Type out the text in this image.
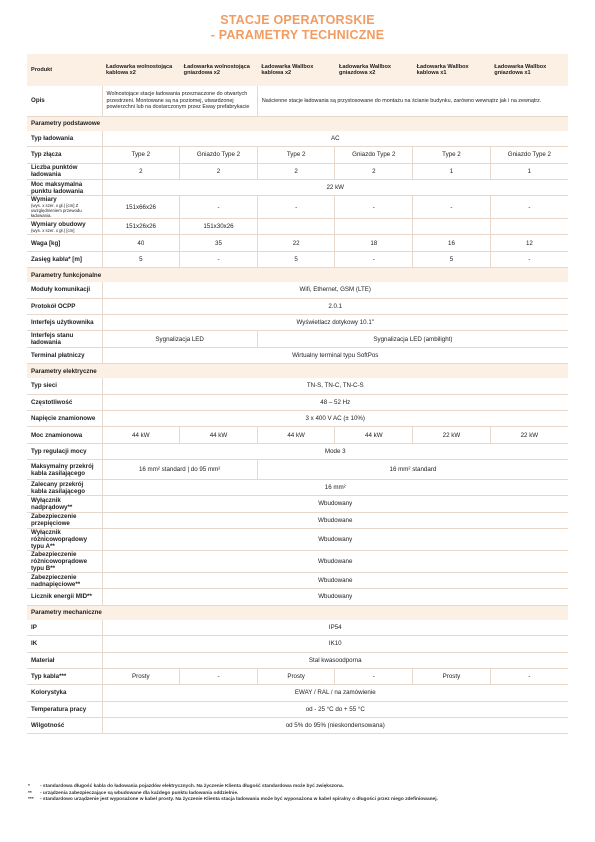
STACJE OPERATORSKIE
- PARAMETRY TECHNICZNE
Produkt	Ładowarka wolnostojąca kablowa x2	Ładowarka wolnostojąca gniazdowa x2	Ładowarka Wallbox kablowa x2	Ładowarka Wallbox gniazdowa x2	Ładowarka Wallbox kablowa x1	Ładowarka Wallbox gniazdowa x1
Opis	Wolnostojące stacje ładowania przeznaczone do otwartych przestrzeni. Montowane są na poziomej, utwardzonej powierzchni lub na dostarczonym przez Eway prefabrykacie		Naścienne stacje ładowania są przystosowane do montażu na ścianie budynku, zarówno wewnątrz jak i na zewnątrz.			
Parametry podstawowe						
Typ ładowania	AC					
Typ złącza	Type 2	Gniazdo Type 2	Type 2	Gniazdo Type 2	Type 2	Gniazdo Type 2
Liczba punktów ładowania	2	2	2	2	1	1
Moc maksymalna punktu ładowania	22 kW					
Wymiary
(wys. x szer. x gł.) [cm] Z uwzględnieniem przewodu ładowania.	151x66x26	-	-	-	-	-
Wymiary obudowy
(wys. x szer. x gł.) [cm]	151x26x26	151x30x26				
Waga [kg]	40	35	22	18	16	12
Zasięg kabla* [m]	5	-	5	-	5	-
Parametry funkcjonalne						
Moduły komunikacji	Wifi, Ethernet, GSM (LTE)					
Protokół OCPP	2.0.1					
Interfejs użytkownika	Wyświetlacz dotykowy 10.1"					
Interfejs stanu ładowania	Sygnalizacja LED		Sygnalizacja LED (ambilight)			
Terminal płatniczy	Wirtualny terminal typu SoftPos					
Parametry elektryczne						
Typ sieci	TN-S, TN-C, TN-C-S					
Częstotliwość	48 – 52 Hz					
Napięcie znamionowe	3 x 400 V AC (± 10%)					
Moc znamionowa	44 kW	44 kW	44 kW	44 kW	22 kW	22 kW
Typ regulacji mocy	Mode 3					
Maksymalny przekrój kabla zasilającego	16 mm² standard | do 95 mm²		16 mm² standard			
Zalecany przekrój kabla zasilającego	16 mm²					
Wyłącznik nadprądowy**	Wbudowany					
Zabezpieczenie przepięciowe	Wbudowane					
Wyłącznik różnicowoprądowy typu A**	Wbudowany					
Zabezpieczenie różnicowoprądowe typu B**	Wbudowane					
Zabezpieczenie nadnapięciowe**	Wbudowane					
Licznik energii MID**	Wbudowany					
Parametry mechaniczne						
IP	IP54					
IK	IK10					
Materiał	Stal kwasoodporna					
Typ kabla***	Prosty	-	Prosty	-	Prosty	-
Kolorystyka	EWAY / RAL / na zamówienie					
Temperatura pracy	od - 25 °C do + 55 °C					
Wilgotność	od 5% do 95% (nieskondensowana)					
*	- standardowa długość kabla do ładowania pojazdów elektrycznych. Na życzenie Klienta długość standardowa może być zwiększona.
**	- urządzenia zabezpieczające są wbudowane dla każdego punktu ładowania oddzielnie.
***	- standardowo urządzenie jest wyposażone w kabel prosty. Na życzenie Klienta stacja ładowania może być wyposażona w kabel spiralny o długości przez niego zdefiniowanej.
